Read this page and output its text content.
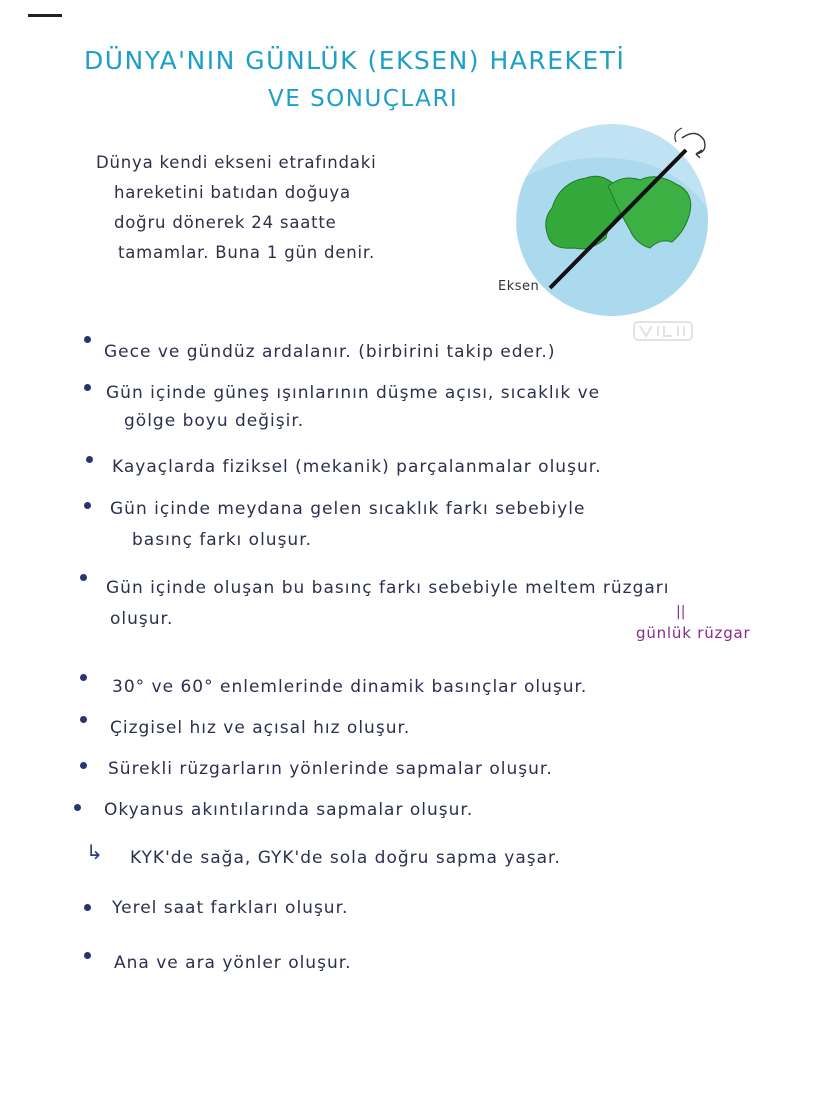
DÜNYA'NIN GÜNLÜK (EKSEN) HAREKETİ
VE SONUÇLARI
Dünya kendi ekseni etrafındaki
hareketini batıdan doğuya
doğru dönerek 24 saatte
tamamlar. Buna 1 gün denir.
Eksen
Gece ve gündüz ardalanır. (birbirini takip eder.)
Gün içinde güneş ışınlarının düşme açısı, sıcaklık ve
gölge boyu değişir.
Kayaçlarda fiziksel (mekanik) parçalanmalar oluşur.
Gün içinde meydana gelen sıcaklık farkı sebebiyle
basınç farkı oluşur.
Gün içinde oluşan bu basınç farkı sebebiyle meltem rüzgarı
oluşur.	||
günlük rüzgar
30° ve 60° enlemlerinde dinamik basınçlar oluşur.
Çizgisel hız ve açısal hız oluşur.
Sürekli rüzgarların yönlerinde sapmalar oluşur.
Okyanus akıntılarında sapmalar oluşur.
↳ KYK'de sağa, GYK'de sola doğru sapma yaşar.
Yerel saat farkları oluşur.
Ana ve ara yönler oluşur.
